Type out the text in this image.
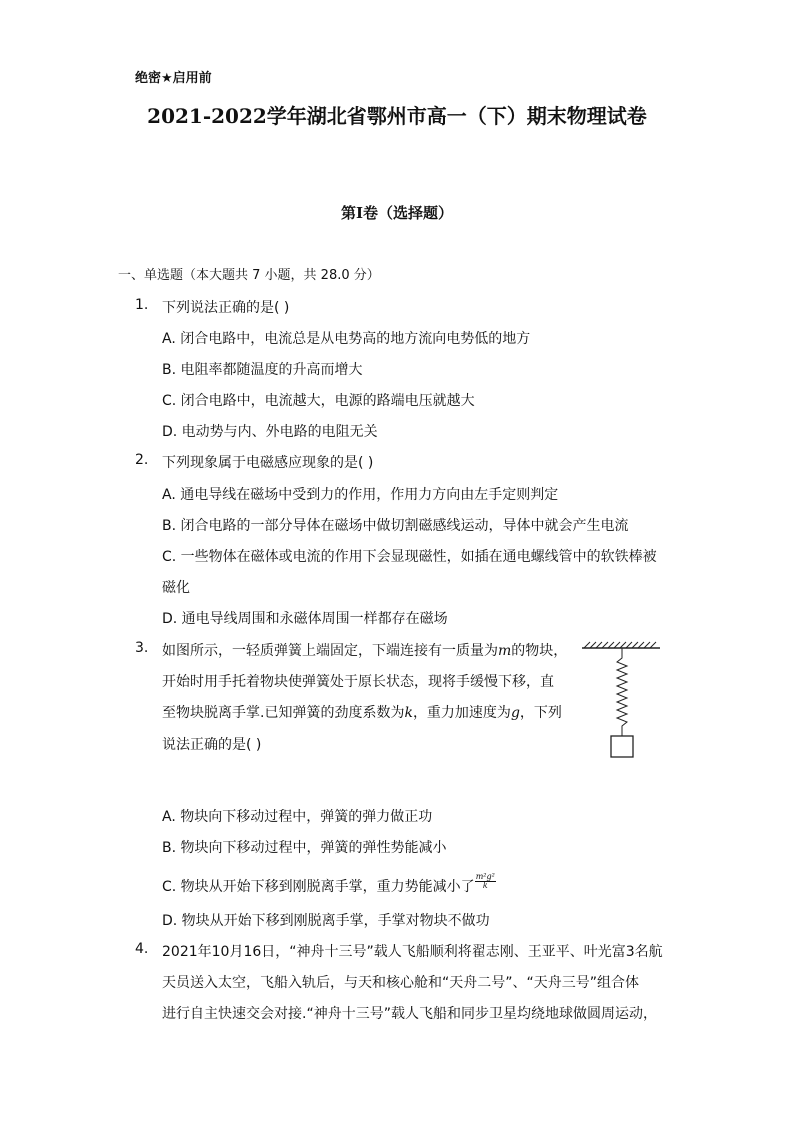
绝密★启用前
2021-2022学年湖北省鄂州市高一（下）期末物理试卷
第I卷（选择题）
一、单选题（本大题共 7 小题，共 28.0 分）
1. 下列说法正确的是( )
A. 闭合电路中，电流总是从电势高的地方流向电势低的地方
B. 电阻率都随温度的升高而增大
C. 闭合电路中，电流越大，电源的路端电压就越大
D. 电动势与内、外电路的电阻无关
2. 下列现象属于电磁感应现象的是( )
A. 通电导线在磁场中受到力的作用，作用力方向由左手定则判定
B. 闭合电路的一部分导体在磁场中做切割磁感线运动，导体中就会产生电流
C. 一些物体在磁体或电流的作用下会显现磁性，如插在通电螺线管中的软铁棒被
磁化
D. 通电导线周围和永磁体周围一样都存在磁场
3. 如图所示，一轻质弹簧上端固定，下端连接有一质量为m的物块，
开始时用手托着物块使弹簧处于原长状态，现将手缓慢下移，直
至物块脱离手掌.已知弹簧的劲度系数为k，重力加速度为g，下列
说法正确的是( )
A. 物块向下移动过程中，弹簧的弹力做正功
B. 物块向下移动过程中，弹簧的弹性势能减小
C. 物块从开始下移到刚脱离手掌，重力势能减小了 $\frac{\text{m²g²}}{k}$
D. 物块从开始下移到刚脱离手掌，手掌对物块不做功
4. 2021年10月16日，“神舟十三号”载人飞船顺利将翟志刚、王亚平、叶光富3名航
天员送入太空，飞船入轨后，与天和核心舱和“天舟二号”、“天舟三号”组合体
进行自主快速交会对接.“神舟十三号”载人飞船和同步卫星均绕地球做圆周运动，
